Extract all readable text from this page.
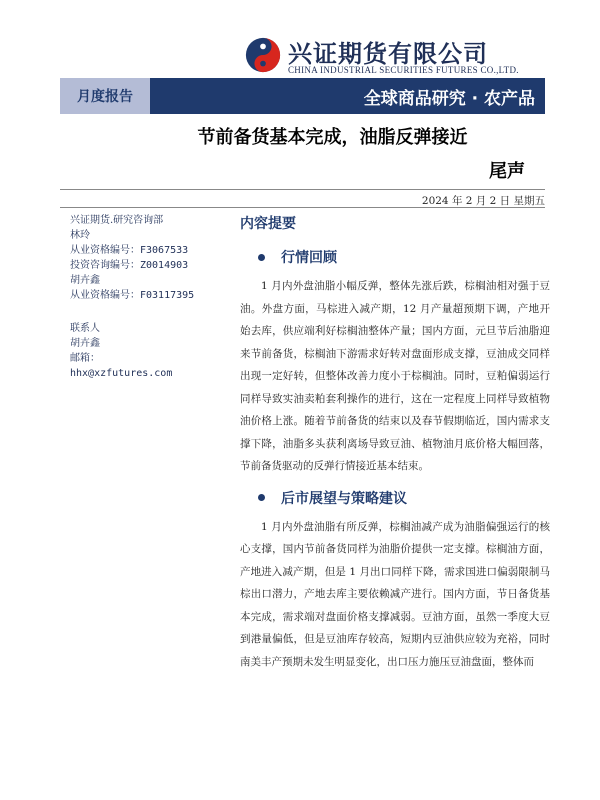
兴证期货有限公司
CHINA INDUSTRIAL SECURITIES FUTURES CO.,LTD.
月度报告	全球商品研究 · 农产品
节前备货基本完成，油脂反弹接近
尾声
2024 年 2 月 2 日 星期五
兴证期货.研究咨询部
林玲
从业资格编号：F3067533
投资咨询编号：Z0014903
胡卉鑫
从业资格编号：F03117395
联系人
胡卉鑫
邮箱：
hhx@xzfutures.com
内容提要
行情回顾

1 月内外盘油脂小幅反弹，整体先涨后跌，棕榈油相对强于豆油。外盘方面，马棕进入减产期，12 月产量超预期下调，产地开始去库，供应端利好棕榈油整体产量；国内方面，元旦节后油脂迎来节前备货，棕榈油下游需求好转对盘面形成支撑，豆油成交同样出现一定好转，但整体改善力度小于棕榈油。同时，豆粕偏弱运行同样导致实油卖粕套利操作的进行，这在一定程度上同样导致植物油价格上涨。随着节前备货的结束以及春节假期临近，国内需求支撑下降，油脂多头获利离场导致豆油、植物油月底价格大幅回落，节前备货驱动的反弹行情接近基本结束。

后市展望与策略建议

1 月内外盘油脂有所反弹，棕榈油减产成为油脂偏强运行的核心支撑，国内节前备货同样为油脂价提供一定支撑。棕榈油方面，产地进入减产期，但是 1 月出口同样下降，需求国进口偏弱限制马棕出口潜力，产地去库主要依赖减产进行。国内方面，节日备货基本完成，需求端对盘面价格支撑减弱。豆油方面，虽然一季度大豆到港量偏低，但是豆油库存较高，短期内豆油供应较为充裕，同时南美丰产预期未发生明显变化，出口压力施压豆油盘面，整体而
